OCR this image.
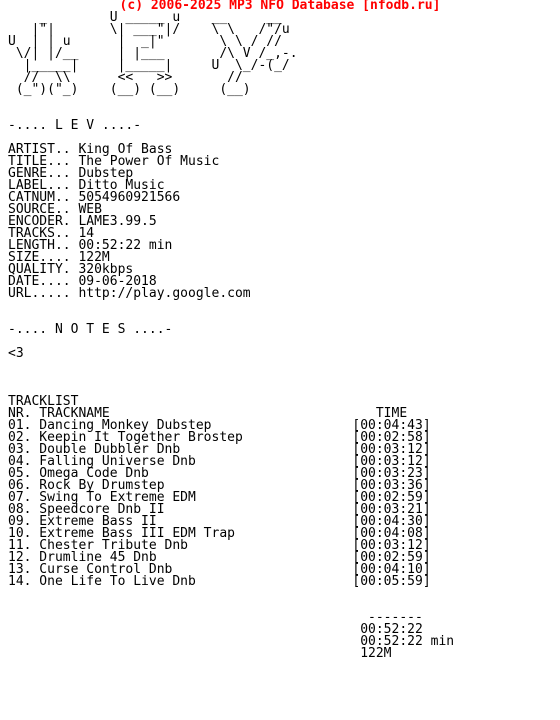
(c) 2006-2025 MP3 NFO Database [nfodb.ru]
_        U _____ u    __     __
|"|       \| ___"|/    \ \   /"/u
U  | | u      |  _|"       \ \ / //
\/| |/__     | |___       /\ V /_,-.
|_____|     |_____|     U  \_/-(_/
//  \\      <<   >>       //
(_")("_)    (__) (__)     (__)

-.... L E V ....-

ARTIST.. King Of Bass
TITLE... The Power Of Music
GENRE... Dubstep
LABEL... Ditto Music
CATNUM.. 5054960921566
SOURCE.. WEB
ENCODER. LAME3.99.5
TRACKS.. 14
LENGTH.. 00:52:22 min
SIZE.... 122M
QUALITY. 320kbps
DATE.... 09-06-2018
URL..... http://play.google.com

-.... N O T E S ....-

<3

TRACKLIST
NR. TRACKNAME                                  TIME
01. Dancing Monkey Dubstep                  [00:04:43]
02. Keepin It Together Brostep              [00:02:58]
03. Double Dubbler Dnb                      [00:03:12]
04. Falling Universe Dnb                    [00:03:12]
05. Omega Code Dnb                          [00:03:23]
06. Rock By Drumstep                        [00:03:36]
07. Swing To Extreme EDM                    [00:02:59]
08. Speedcore Dnb II                        [00:03:21]
09. Extreme Bass II                         [00:04:30]
10. Extreme Bass III EDM Trap               [00:04:08]
11. Chester Tribute Dnb                     [00:03:12]
12. Drumline 45 Dnb                         [00:02:59]
13. Curse Control Dnb                       [00:04:10]
14. One Life To Live Dnb                    [00:05:59]

-------
00:52:22
00:52:22 min
122M
